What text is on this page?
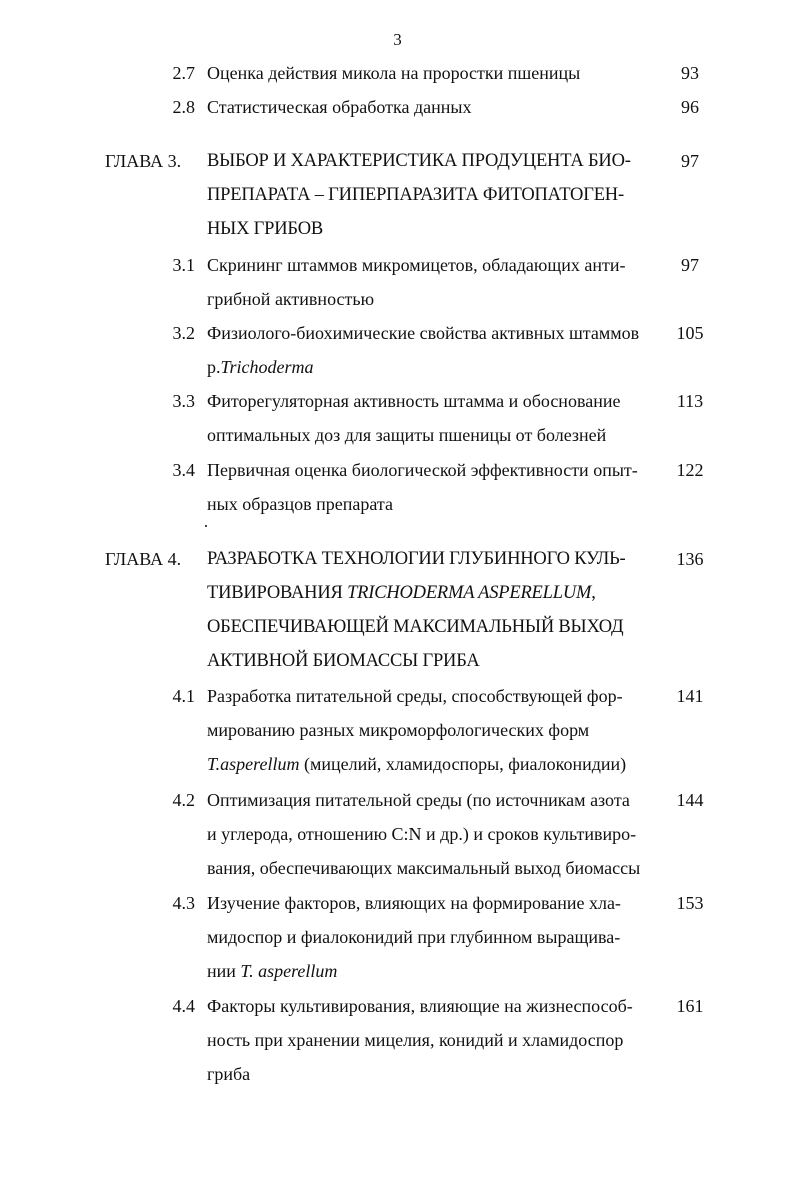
3
2.7 Оценка действия микола на проростки пшеницы	93
2.8 Статистическая обработка данных	96
ГЛАВА 3. ВЫБОР И ХАРАКТЕРИСТИКА ПРОДУЦЕНТА БИО-
ПРЕПАРАТА – ГИПЕРПАРАЗИТА ФИТОПАТОГЕН-
НЫХ ГРИБОВ
97
3.1 Скрининг штаммов микромицетов, обладающих анти-
грибной активностью
97
3.2 Физиолого-биохимические свойства активных штаммов
р.Trichoderma
105
3.3 Фиторегуляторная активность штамма и обоснование
оптимальных доз для защиты пшеницы от болезней
113
3.4 Первичная оценка биологической эффективности опыт-
ных образцов препарата
122
ГЛАВА 4. РАЗРАБОТКА ТЕХНОЛОГИИ ГЛУБИННОГО КУЛЬ-
ТИВИРОВАНИЯ TRICHODERMA ASPERELLUM,
ОБЕСПЕЧИВАЮЩЕЙ МАКСИМАЛЬНЫЙ ВЫХОД
АКТИВНОЙ БИОМАССЫ ГРИБА
136
4.1 Разработка питательной среды, способствующей фор-
мированию разных микроморфологических форм
T.asperellum (мицелий, хламидоспоры, фиалоконидии)
141
4.2 Оптимизация питательной среды (по источникам азота
и углерода, отношению C:N и др.) и сроков культивиро-
вания, обеспечивающих максимальный выход биомассы
144
4.3 Изучение факторов, влияющих на формирование хла-
мидоспор и фиалоконидий при глубинном выращива-
нии T. asperellum
153
4.4 Факторы культивирования, влияющие на жизнеспособ-
ность при хранении мицелия, конидий и хламидоспор
гриба
161
